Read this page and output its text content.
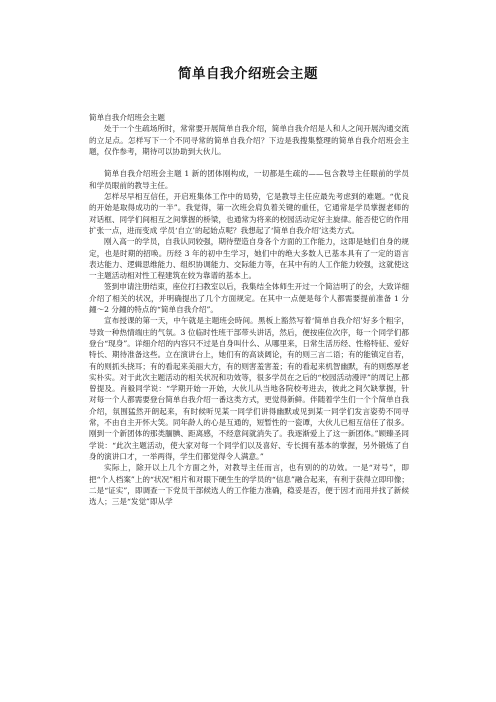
简单自我介绍班会主题

简单自我介绍班会主题

处于一个生疏场所时，常常要开展简单自我介绍，简单自我介绍是人和人之间开展沟通交流的立足点。怎样写下一个不同寻常的简单自我介绍？下边是我搜集整理的简单自我介绍班会主题，仅作参考，期待可以协助到大伙儿。

简单自我介绍班会主题 1 新的团体刚构成，一切都是生疏的——包含教导主任眼前的学员和学员眼前的教导主任。

怎样尽早相互信任，开启班集体工作中的局势，它是教导主任应最先考虑到的难题。“优良的开始是取得成功的一半”。我觉得，第一次班会肩负着关键的重任，它通常是学员掌握老师的对话框、同学们间相互之间掌握的桥梁，也通常为将来的校园活动定好主旋律。能否使它的作用扩张一点，进而变成 学员‘自立’的起始点呢？我想起了‘简单自我介绍’这类方式。

刚入高一的学员，自我认同较强，期待塑造自身各个方面的工作能力，这即是她们自身的规定，也是时期的招唤。历经 3 年的初中生学习，她们中的绝大多数人已基本具有了一定的语言表达能力、逻辑思维能力、组织协调能力、交际能力等，在其中有的人工作能力较强，这就使这一主题活动相对性工程建筑在较为靠谱的基本上。

签到申请注册结束，座位打扫教室以后，我集结全体师生开过一个简洁明了的会，大致详细介绍了相关的状况，并明确提出了几个方面规定。在其中一点便是每个人都需要提前准备 1 分鐘～2 分鐘的特点的“简单自我介绍”。

宣布授课的第一天，中午就是主题班会時间。黑板上豁然写着‘简单自我介绍’好多个粗字，导致一种热情端庄的气氛。3 位临时性班干部带头讲话，然后，便按座位次序，每一个同学们都登台“现身”。详细介绍的内容只不过是自身叫什么、从哪里来，日常生活历经、性格特征、爱好特长、期待准备这些。立在演讲台上，她们有的高谈阔论，有的则三言二语；有的能镇定自若，有的则抓头挠耳；有的看起来美丽大方，有的则害羞害羞；有的看起来机智幽默，有的则憨厚老实朴实。对于此次主题活动的相关状况和功效等，很多学员在之后的“校园活动漫评”的周记上都曾提及。肖毅同学说：“学期开始一开始，大伙儿从当地各院校考进去，彼此之间欠缺掌握，针对每一个人都需要登台简单自我介绍一番这类方式，更觉得新鲜。伴随着学生们一个个简单自我介绍，氛围猛然开朗起来，有时候听见某一同学们讲得幽默或见到某一同学们发言姿势不同寻常，不由自主开怀大笑。同年龄人的心是互通的，短暂性的一瓷谭，大伙儿已相互信任了很多。刚到一个新团体的那类腼腆、距离感，不经意间就消失了。我逐渐爱上了这一新团体。”顾臻圣同学说：“此次主题活动，使大家对每一个同学们以及喜好、专长拥有基本的掌握，另外锻炼了自身的演讲口才，一举两得，学生们都觉得令人满意。”

实际上，除开以上几个方面之外，对教导主任而言，也有别的的功效。一是“对号”，即把“个人档案”上的“状况”相片和对眼下硬生生的学员的“信息”融合起来，有利于获得立即印像；二是“证实”，即调查一下党员干部候选人的工作能力准确，稳妥是否，便于因才而用并找了新候选人；三是“发觉”即从学
